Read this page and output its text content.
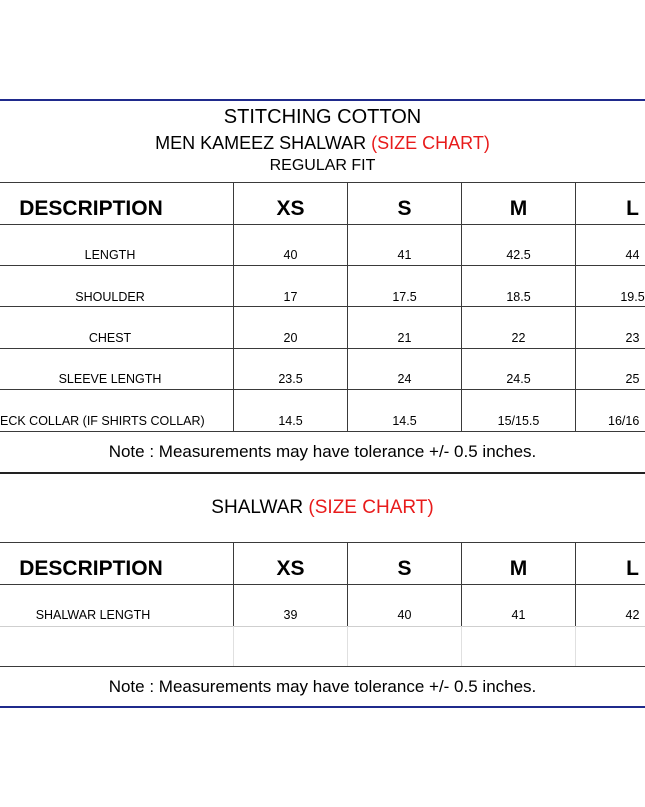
STITCHING COTTON
MEN KAMEEZ SHALWAR (SIZE CHART)
REGULAR FIT
DESCRIPTION	XS	S	M	L
LENGTH	40	41	42.5	44
SHOULDER	17	17.5	18.5	19.5
CHEST	20	21	22	23
SLEEVE LENGTH	23.5	24	24.5	25
ECK COLLAR (IF SHIRTS COLLAR)	14.5	14.5	15/15.5	16/16
Note : Measurements may have tolerance +/- 0.5 inches.
SHALWAR (SIZE CHART)
DESCRIPTION	XS	S	M	L
SHALWAR LENGTH	39	40	41	42
Note : Measurements may have tolerance +/- 0.5 inches.
